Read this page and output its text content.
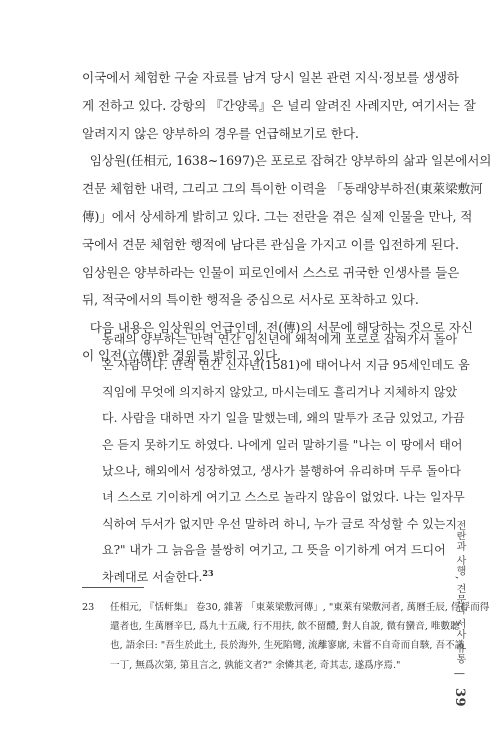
이국에서 체험한 구술 자료를 남겨 당시 일본 관련 지식·정보를 생생하

게 전하고 있다. 강항의 『간양록』은 널리 알려진 사례지만, 여기서는 잘

알려지지 않은 양부하의 경우를 언급해보기로 한다.

임상원(任相元, 1638~1697)은 포로로 잡혀간 양부하의 삶과 일본에서의

견문 체험한 내력, 그리고 그의 특이한 이력을 「동래양부하전(東萊梁敷河

傳)」에서 상세하게 밝히고 있다. 그는 전란을 겪은 실제 인물을 만나, 적

국에서 견문 체험한 행적에 남다른 관심을 가지고 이를 입전하게 된다.

임상원은 양부하라는 인물이 피로인에서 스스로 귀국한 인생사를 들은

뒤, 적국에서의 특이한 행적을 중심으로 서사로 포착하고 있다.

다음 내용은 임상원의 언급인데, 전(傳)의 서문에 해당하는 것으로 자신

이 입전(立傳)한 경위를 밝히고 있다.

동래의 양부하는 만력 연간 임진년에 왜적에게 포로로 잡혀가서 돌아

온 사람이다. 만력 연간 신사년(1581)에 태어나서 지금 95세인데도 움

직임에 무엇에 의지하지 않았고, 마시는데도 흘리거나 지체하지 않았

다. 사람을 대하면 자기 일을 말했는데, 왜의 말투가 조금 있었고, 가끔

은 듣지 못하기도 하였다. 나에게 일러 말하기를 "나는 이 땅에서 태어

났으나, 해외에서 성장하였고, 생사가 불행하여 유리하며 두루 돌아다

녀 스스로 기이하게 여기고 스스로 놀라지 않음이 없었다. 나는 일자무

식하여 두서가 없지만 우선 말하려 하니, 누가 글로 작성할 수 있는지

요?" 내가 그 늙음을 불쌍히 여기고, 그 뜻을 이기하게 여겨 드디어

차례대로 서술한다.$^{23}$

23 任相元, 『恬軒集』 卷30, 雜著 「東萊梁敷河傳」, "東萊有梁敷河者, 萬曆壬辰, 俘俘而得

還者也, 生萬曆辛巳, 爲九十五歲, 行不用扶, 飮不留醴, 對人自說, 微有蠻音, 唯數聽

也, 語余曰: "吾生於此土, 長於海外, 生死陷彎, 流離寥廓, 未嘗不自奇而自駭, 吾不識

一丁, 無爲次第, 第且言之, 孰能文者?" 余憐其老, 奇其志, 遂爲序焉."

전란과 사행, 견문과 서사 유통 | 39
